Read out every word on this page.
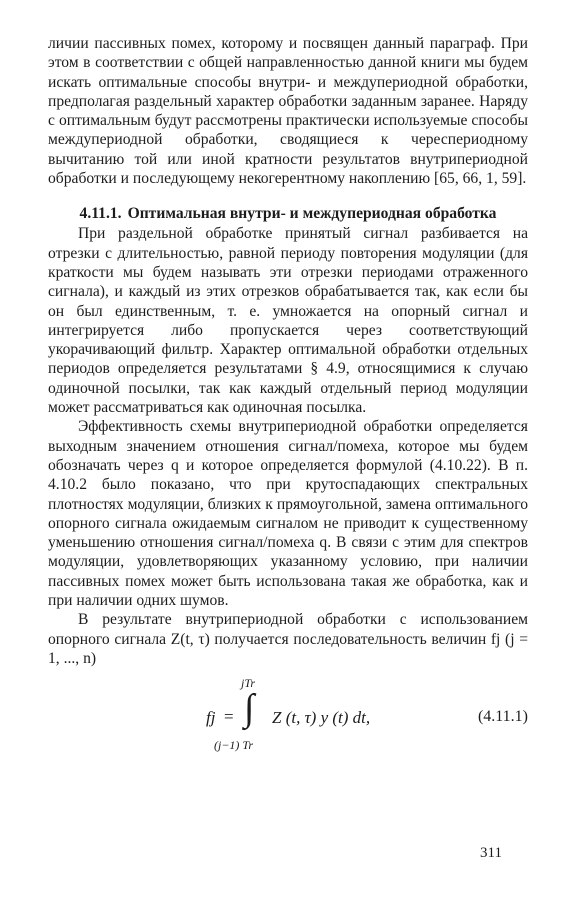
личии пассивных помех, которому и посвящен данный параграф. При этом в соответствии с общей направленностью данной книги мы будем искать оптимальные способы внутри- и междупериодной обработки, предполагая раздельный характер обработки заданным заранее. Наряду с оптимальным будут рассмотрены практически используемые способы междупериодной обработки, сводящиеся к череспериодному вычитанию той или иной кратности результатов внутрипериодной обработки и последующему некогерентному накоплению [65, 66, 1, 59].

4.11.1. Оптимальная внутри- и междупериодная обработка

При раздельной обработке принятый сигнал разбивается на отрезки с длительностью, равной периоду повторения модуляции (для краткости мы будем называть эти отрезки периодами отраженного сигнала), и каждый из этих отрезков обрабатывается так, как если бы он был единственным, т. е. умножается на опорный сигнал и интегрируется либо пропускается через соответствующий укорачивающий фильтр. Характер оптимальной обработки отдельных периодов определяется результатами § 4.9, относящимися к случаю одиночной посылки, так как каждый отдельный период модуляции может рассматриваться как одиночная посылка.

Эффективность схемы внутрипериодной обработки определяется выходным значением отношения сигнал/помеха, которое мы будем обозначать через q и которое определяется формулой (4.10.22). В п. 4.10.2 было показано, что при крутоспадающих спектральных плотностях модуляции, близких к прямоугольной, замена оптимального опорного сигнала ожидаемым сигналом не приводит к существенному уменьшению отношения сигнал/помеха q. В связи с этим для спектров модуляции, удовлетворяющих указанному условию, при наличии пассивных помех может быть использована такая же обработка, как и при наличии одних шумов.

В результате внутрипериодной обработки с использованием опорного сигнала Z(t, τ) получается последовательность величин fj (j = 1, ..., n)

fj =
jTr
∫
(j−1) Tr
Z (t, τ) y (t) dt,	(4.11.1)
311
